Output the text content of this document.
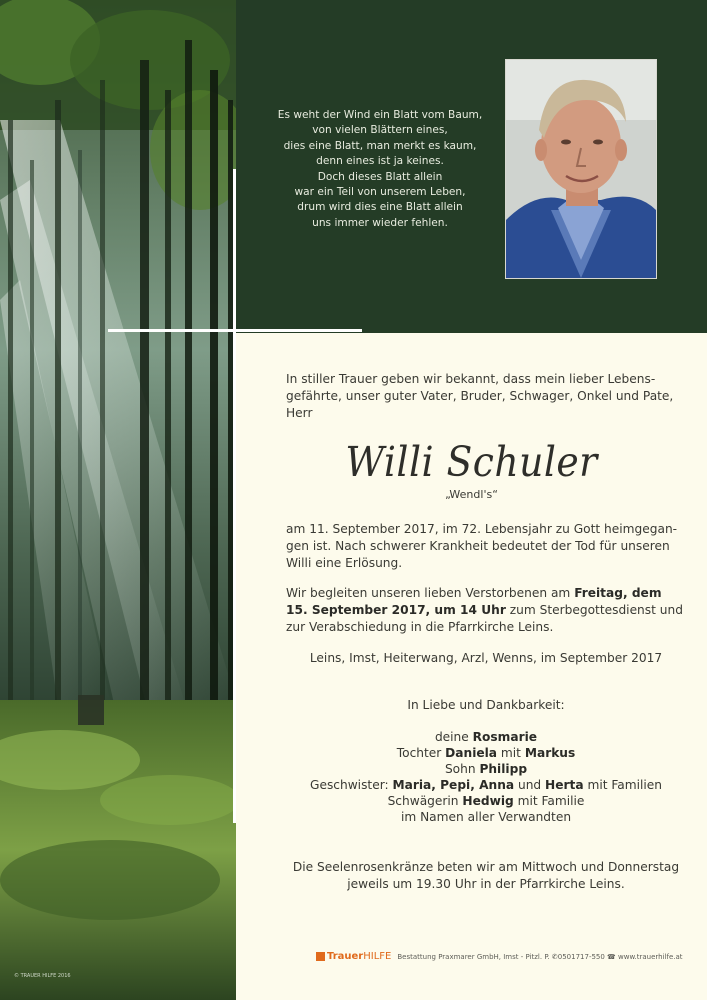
Es weht der Wind ein Blatt vom Baum,
von vielen Blättern eines,
dies eine Blatt, man merkt es kaum,
denn eines ist ja keines.
Doch dieses Blatt allein
war ein Teil von unserem Leben,
drum wird dies eine Blatt allein
uns immer wieder fehlen.
In stiller Trauer geben wir bekannt, dass mein lieber Lebens-
gefährte, unser guter Vater, Bruder, Schwager, Onkel und Pate,
Herr
Willi Schuler
„Wendl's“
am 11. September 2017, im 72. Lebensjahr zu Gott heimgegan-
gen ist. Nach schwerer Krankheit bedeutet der Tod für unseren
Willi eine Erlösung.
Wir begleiten unseren lieben Verstorbenen am Freitag, dem
15. September 2017, um 14 Uhr zum Sterbegottesdienst und
zur Verabschiedung in die Pfarrkirche Leins.
Leins, Imst, Heiterwang, Arzl, Wenns, im September 2017
In Liebe und Dankbarkeit:
deine Rosmarie
Tochter Daniela mit Markus
Sohn Philipp
Geschwister: Maria, Pepi, Anna und Herta mit Familien
Schwägerin Hedwig mit Familie
im Namen aller Verwandten
Die Seelenrosenkränze beten wir am Mittwoch und Donnerstag
jeweils um 19.30 Uhr in der Pfarrkirche Leins.
TrauerHILFE Bestattung Praxmarer GmbH, Imst - Pitzl. P. ✆0501717-550 ☎ www.trauerhilfe.at
© TRAUER HILFE 2016
